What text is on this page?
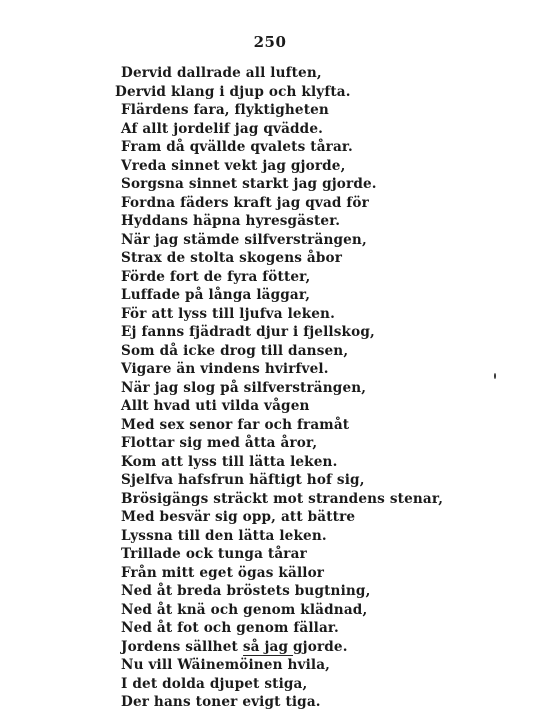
250
Dervid dallrade all luften,
Dervid klang i djup och klyfta.
Flärdens fara, flyktigheten
Af allt jordelif jag qvädde.
Fram då qvällde qvalets tårar.
Vreda sinnet vekt jag gjorde,
Sorgsna sinnet starkt jag gjorde.
Fordna fäders kraft jag qvad för
Hyddans häpna hyresgäster.
När jag stämde silfversträngen,
Strax de stolta skogens åbor
Förde fort de fyra fötter,
Luffade på långa läggar,
För att lyss till ljufva leken.
Ej fanns fjädradt djur i fjellskog,
Som då icke drog till dansen,
Vigare än vindens hvirfvel.
När jag slog på silfversträngen,
Allt hvad uti vilda vågen
Med sex senor far och framåt
Flottar sig med åtta åror,
Kom att lyss till lätta leken.
Sjelfva hafsfrun häftigt hof sig,
Brösigängs sträckt mot strandens stenar,
Med besvär sig opp, att bättre
Lyssna till den lätta leken.
Trillade ock tunga tårar
Från mitt eget ögas källor
Ned åt breda bröstets bugtning,
Ned åt knä och genom klädnad,
Ned åt fot och genom fällar.
Jordens sällhet så jag gjorde.
Nu vill Wäinemöinen hvila,
I det dolda djupet stiga,
Der hans toner evigt tiga.
